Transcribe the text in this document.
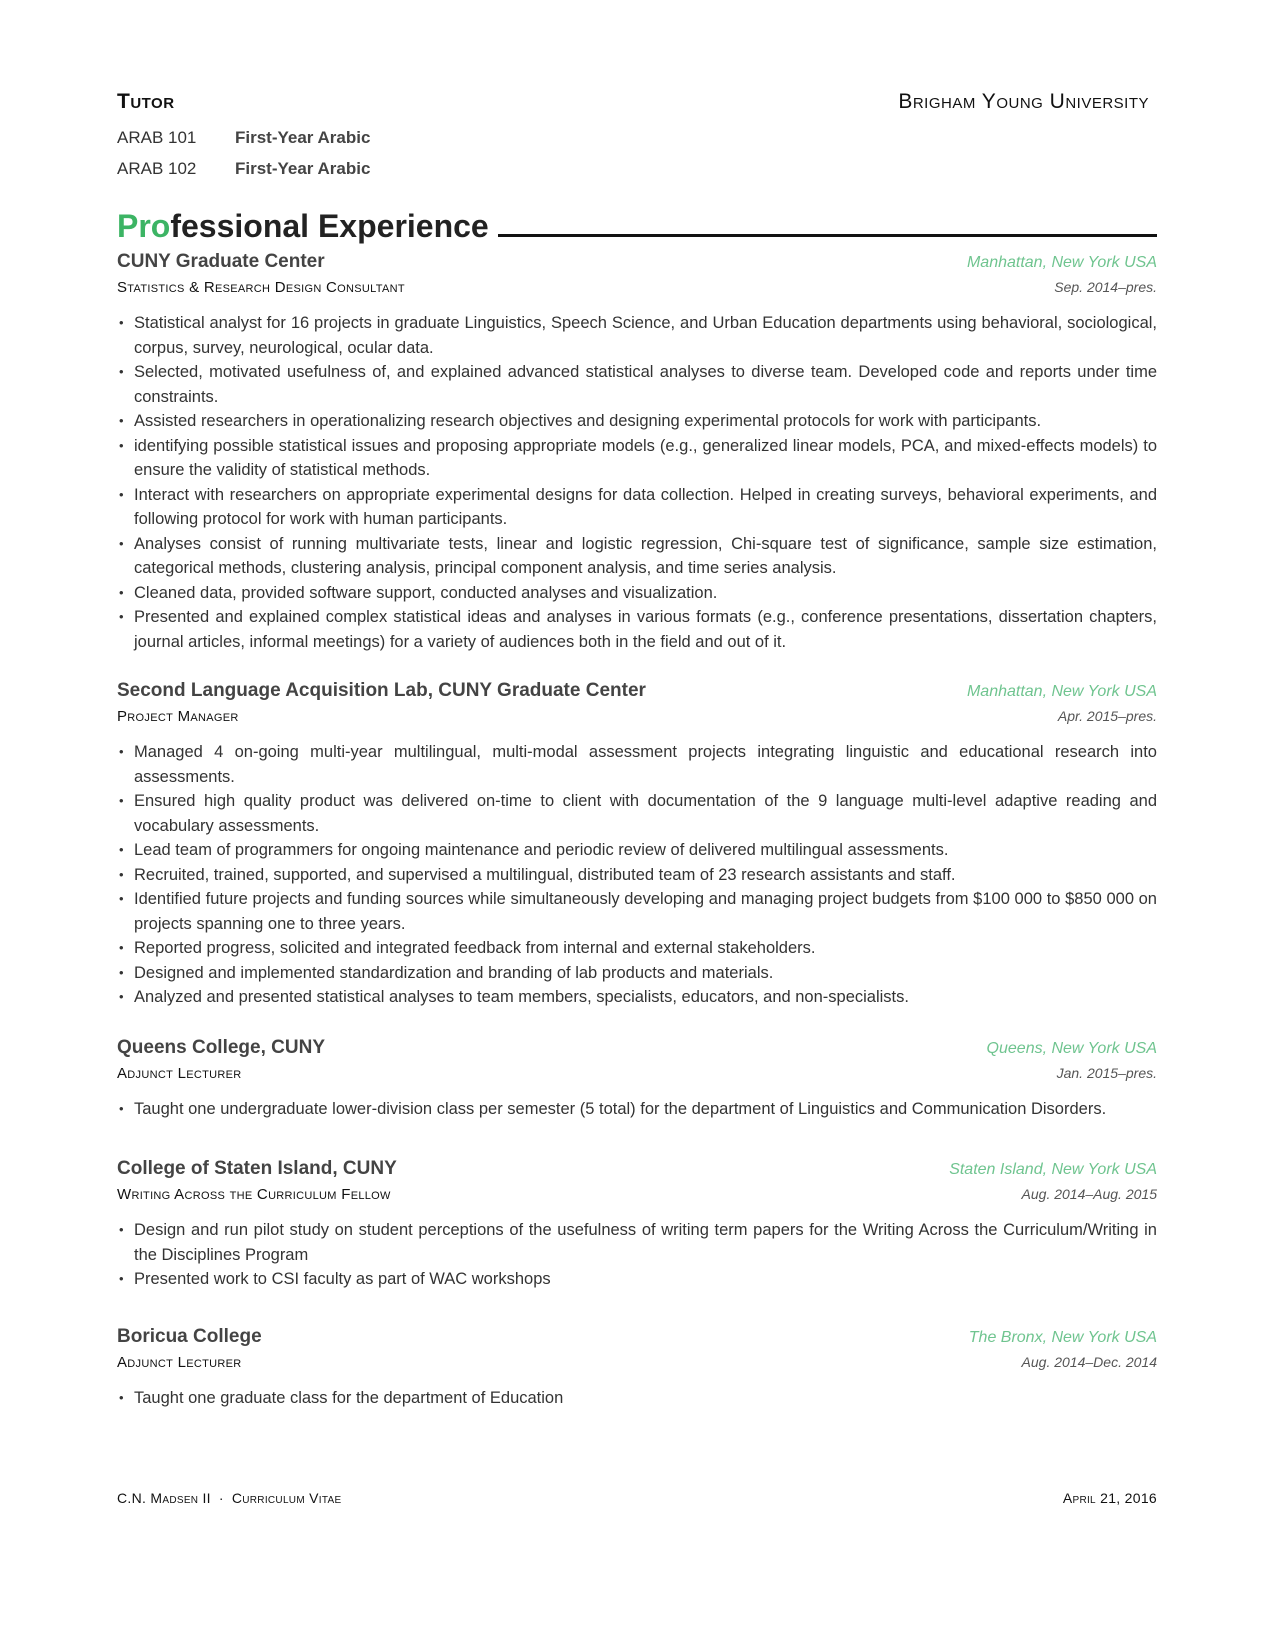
Tutor	Brigham Young University
ARAB 101	First-Year Arabic
ARAB 102	First-Year Arabic
Professional Experience
CUNY Graduate Center	Manhattan, New York USA
Statistics & Research Design Consultant	Sep. 2014–pres.
• Statistical analyst for 16 projects in graduate Linguistics, Speech Science, and Urban Education departments using behavioral, sociological, corpus, survey, neurological, ocular data.
• Selected, motivated usefulness of, and explained advanced statistical analyses to diverse team. Developed code and reports under time constraints.
• Assisted researchers in operationalizing research objectives and designing experimental protocols for work with participants.
• identifying possible statistical issues and proposing appropriate models (e.g., generalized linear models, PCA, and mixed-effects models) to ensure the validity of statistical methods.
• Interact with researchers on appropriate experimental designs for data collection. Helped in creating surveys, behavioral experiments, and following protocol for work with human participants.
• Analyses consist of running multivariate tests, linear and logistic regression, Chi-square test of significance, sample size estimation, categorical methods, clustering analysis, principal component analysis, and time series analysis.
• Cleaned data, provided software support, conducted analyses and visualization.
• Presented and explained complex statistical ideas and analyses in various formats (e.g., conference presentations, dissertation chapters, journal articles, informal meetings) for a variety of audiences both in the field and out of it.
Second Language Acquisition Lab, CUNY Graduate Center	Manhattan, New York USA
Project Manager	Apr. 2015–pres.
• Managed 4 on-going multi-year multilingual, multi-modal assessment projects integrating linguistic and educational research into assessments.
• Ensured high quality product was delivered on-time to client with documentation of the 9 language multi-level adaptive reading and vocabulary assessments.
• Lead team of programmers for ongoing maintenance and periodic review of delivered multilingual assessments.
• Recruited, trained, supported, and supervised a multilingual, distributed team of 23 research assistants and staff.
• Identified future projects and funding sources while simultaneously developing and managing project budgets from $100 000 to $850 000 on projects spanning one to three years.
• Reported progress, solicited and integrated feedback from internal and external stakeholders.
• Designed and implemented standardization and branding of lab products and materials.
• Analyzed and presented statistical analyses to team members, specialists, educators, and non-specialists.
Queens College, CUNY	Queens, New York USA
Adjunct Lecturer	Jan. 2015–pres.
• Taught one undergraduate lower-division class per semester (5 total) for the department of Linguistics and Communication Disorders.
College of Staten Island, CUNY	Staten Island, New York USA
Writing Across the Curriculum Fellow	Aug. 2014–Aug. 2015
• Design and run pilot study on student perceptions of the usefulness of writing term papers for the Writing Across the Curriculum/Writing in the Disciplines Program
• Presented work to CSI faculty as part of WAC workshops
Boricua College	The Bronx, New York USA
Adjunct Lecturer	Aug. 2014–Dec. 2014
• Taught one graduate class for the department of Education
C.N. Madsen II · Curriculum Vitae	April 21, 2016
